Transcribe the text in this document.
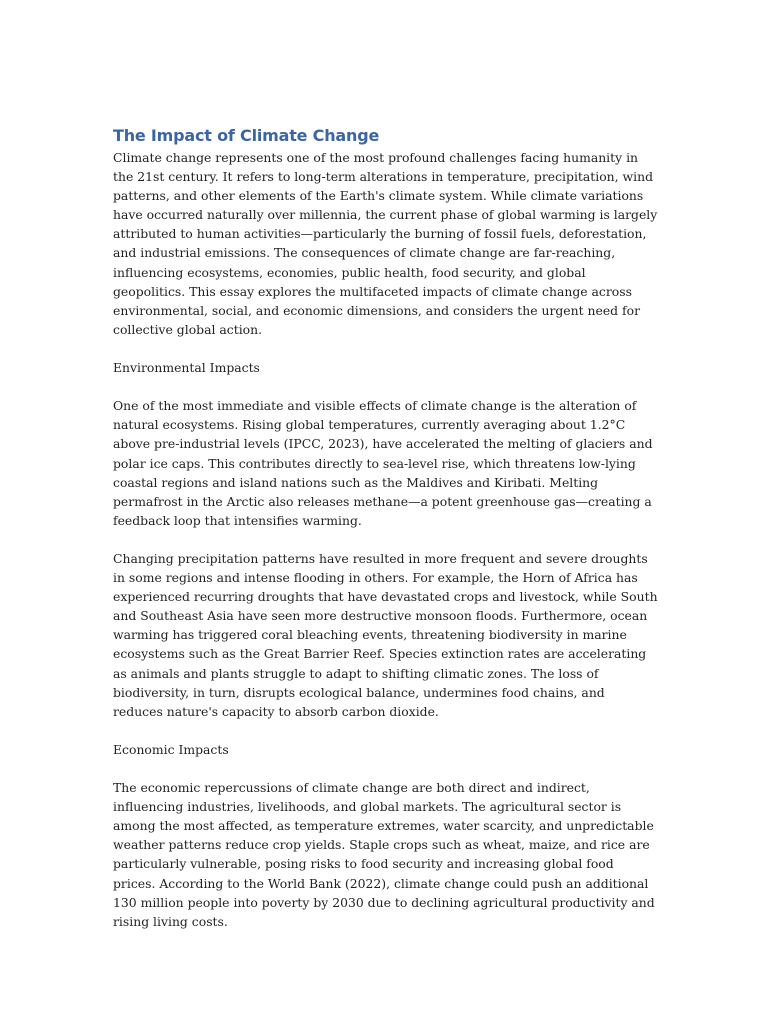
The Impact of Climate Change

Climate change represents one of the most profound challenges facing humanity in the 21st century. It refers to long-term alterations in temperature, precipitation, wind patterns, and other elements of the Earth's climate system. While climate variations have occurred naturally over millennia, the current phase of global warming is largely attributed to human activities—particularly the burning of fossil fuels, deforestation, and industrial emissions. The consequences of climate change are far-reaching, influencing ecosystems, economies, public health, food security, and global geopolitics. This essay explores the multifaceted impacts of climate change across environmental, social, and economic dimensions, and considers the urgent need for collective global action.

Environmental Impacts

One of the most immediate and visible effects of climate change is the alteration of natural ecosystems. Rising global temperatures, currently averaging about 1.2°C above pre-industrial levels (IPCC, 2023), have accelerated the melting of glaciers and polar ice caps. This contributes directly to sea-level rise, which threatens low-lying coastal regions and island nations such as the Maldives and Kiribati. Melting permafrost in the Arctic also releases methane—a potent greenhouse gas—creating a feedback loop that intensifies warming.

Changing precipitation patterns have resulted in more frequent and severe droughts in some regions and intense flooding in others. For example, the Horn of Africa has experienced recurring droughts that have devastated crops and livestock, while South and Southeast Asia have seen more destructive monsoon floods. Furthermore, ocean warming has triggered coral bleaching events, threatening biodiversity in marine ecosystems such as the Great Barrier Reef. Species extinction rates are accelerating as animals and plants struggle to adapt to shifting climatic zones. The loss of biodiversity, in turn, disrupts ecological balance, undermines food chains, and reduces nature's capacity to absorb carbon dioxide.

Economic Impacts

The economic repercussions of climate change are both direct and indirect, influencing industries, livelihoods, and global markets. The agricultural sector is among the most affected, as temperature extremes, water scarcity, and unpredictable weather patterns reduce crop yields. Staple crops such as wheat, maize, and rice are particularly vulnerable, posing risks to food security and increasing global food prices. According to the World Bank (2022), climate change could push an additional 130 million people into poverty by 2030 due to declining agricultural productivity and rising living costs.
